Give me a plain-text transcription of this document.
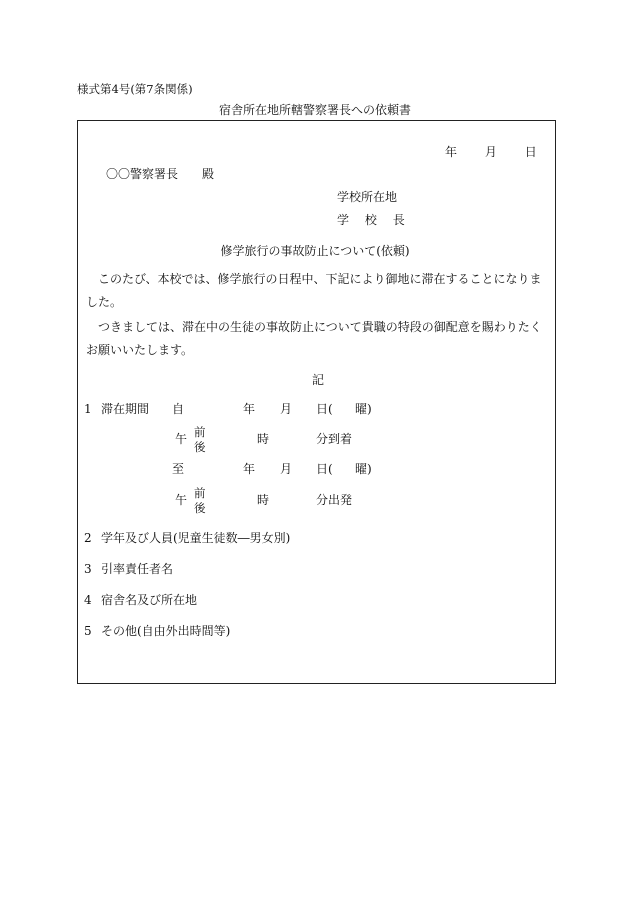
様式第4号(第7条関係)
宿舎所在地所轄警察署長への依頼書
年 月 日
〇〇警察署長 殿
学校所在地
学 校 長
修学旅行の事故防止について(依頼)
このたび、本校では、修学旅行の日程中、下記により御地に滞在することになりました。
つきましては、滞在中の生徒の事故防止について貴職の特段の御配意を賜わりたくお願いいたします。
記
1 滞在期間 自	年 月 日( 曜)
午 前
後
時	分到着
至	年 月 日( 曜)
午 前
後
時	分出発
2 学年及び人員(児童生徒数―男女別)
3 引率責任者名
4 宿舎名及び所在地
5 その他(自由外出時間等)
